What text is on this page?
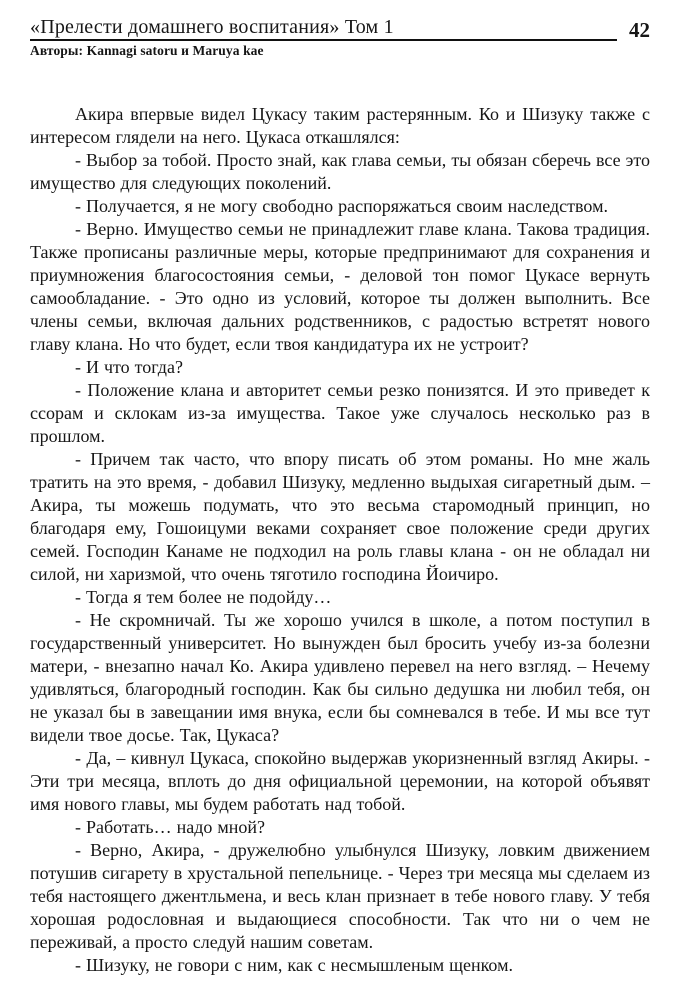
«Прелести домашнего воспитания» Том 1	42
Авторы: Kannagi satoru и Maruya kae

Акира впервые видел Цукасу таким растерянным. Ко и Шизуку также с интересом глядели на него. Цукаса откашлялся:

- Выбор за тобой. Просто знай, как глава семьи, ты обязан сберечь все это имущество для следующих поколений.

- Получается, я не могу свободно распоряжаться своим наследством.

- Верно. Имущество семьи не принадлежит главе клана. Такова традиция. Также прописаны различные меры, которые предпринимают для сохранения и приумножения благосостояния семьи, - деловой тон помог Цукасе вернуть самообладание. - Это одно из условий, которое ты должен выполнить. Все члены семьи, включая дальних родственников, с радостью встретят нового главу клана. Но что будет, если твоя кандидатура их не устроит?

- И что тогда?

- Положение клана и авторитет семьи резко понизятся. И это приведет к ссорам и склокам из-за имущества. Такое уже случалось несколько раз в прошлом.

- Причем так часто, что впору писать об этом романы. Но мне жаль тратить на это время, - добавил Шизуку, медленно выдыхая сигаретный дым. – Акира, ты можешь подумать, что это весьма старомодный принцип, но благодаря ему, Гошоицуми веками сохраняет свое положение среди других семей. Господин Канаме не подходил на роль главы клана - он не обладал ни силой, ни харизмой, что очень тяготило господина Йоичиро.

- Тогда я тем более не подойду…

- Не скромничай. Ты же хорошо учился в школе, а потом поступил в государственный университет. Но вынужден был бросить учебу из-за болезни матери, - внезапно начал Ко. Акира удивлено перевел на него взгляд. – Нечему удивляться, благородный господин. Как бы сильно дедушка ни любил тебя, он не указал бы в завещании имя внука, если бы сомневался в тебе. И мы все тут видели твое досье. Так, Цукаса?

- Да, – кивнул Цукаса, спокойно выдержав укоризненный взгляд Акиры. - Эти три месяца, вплоть до дня официальной церемонии, на которой объявят имя нового главы, мы будем работать над тобой.

- Работать… надо мной?

- Верно, Акира, - дружелюбно улыбнулся Шизуку, ловким движением потушив сигарету в хрустальной пепельнице. - Через три месяца мы сделаем из тебя настоящего джентльмена, и весь клан признает в тебе нового главу. У тебя хорошая родословная и выдающиеся способности. Так что ни о чем не переживай, а просто следуй нашим советам.

- Шизуку, не говори с ним, как с несмышленым щенком.
